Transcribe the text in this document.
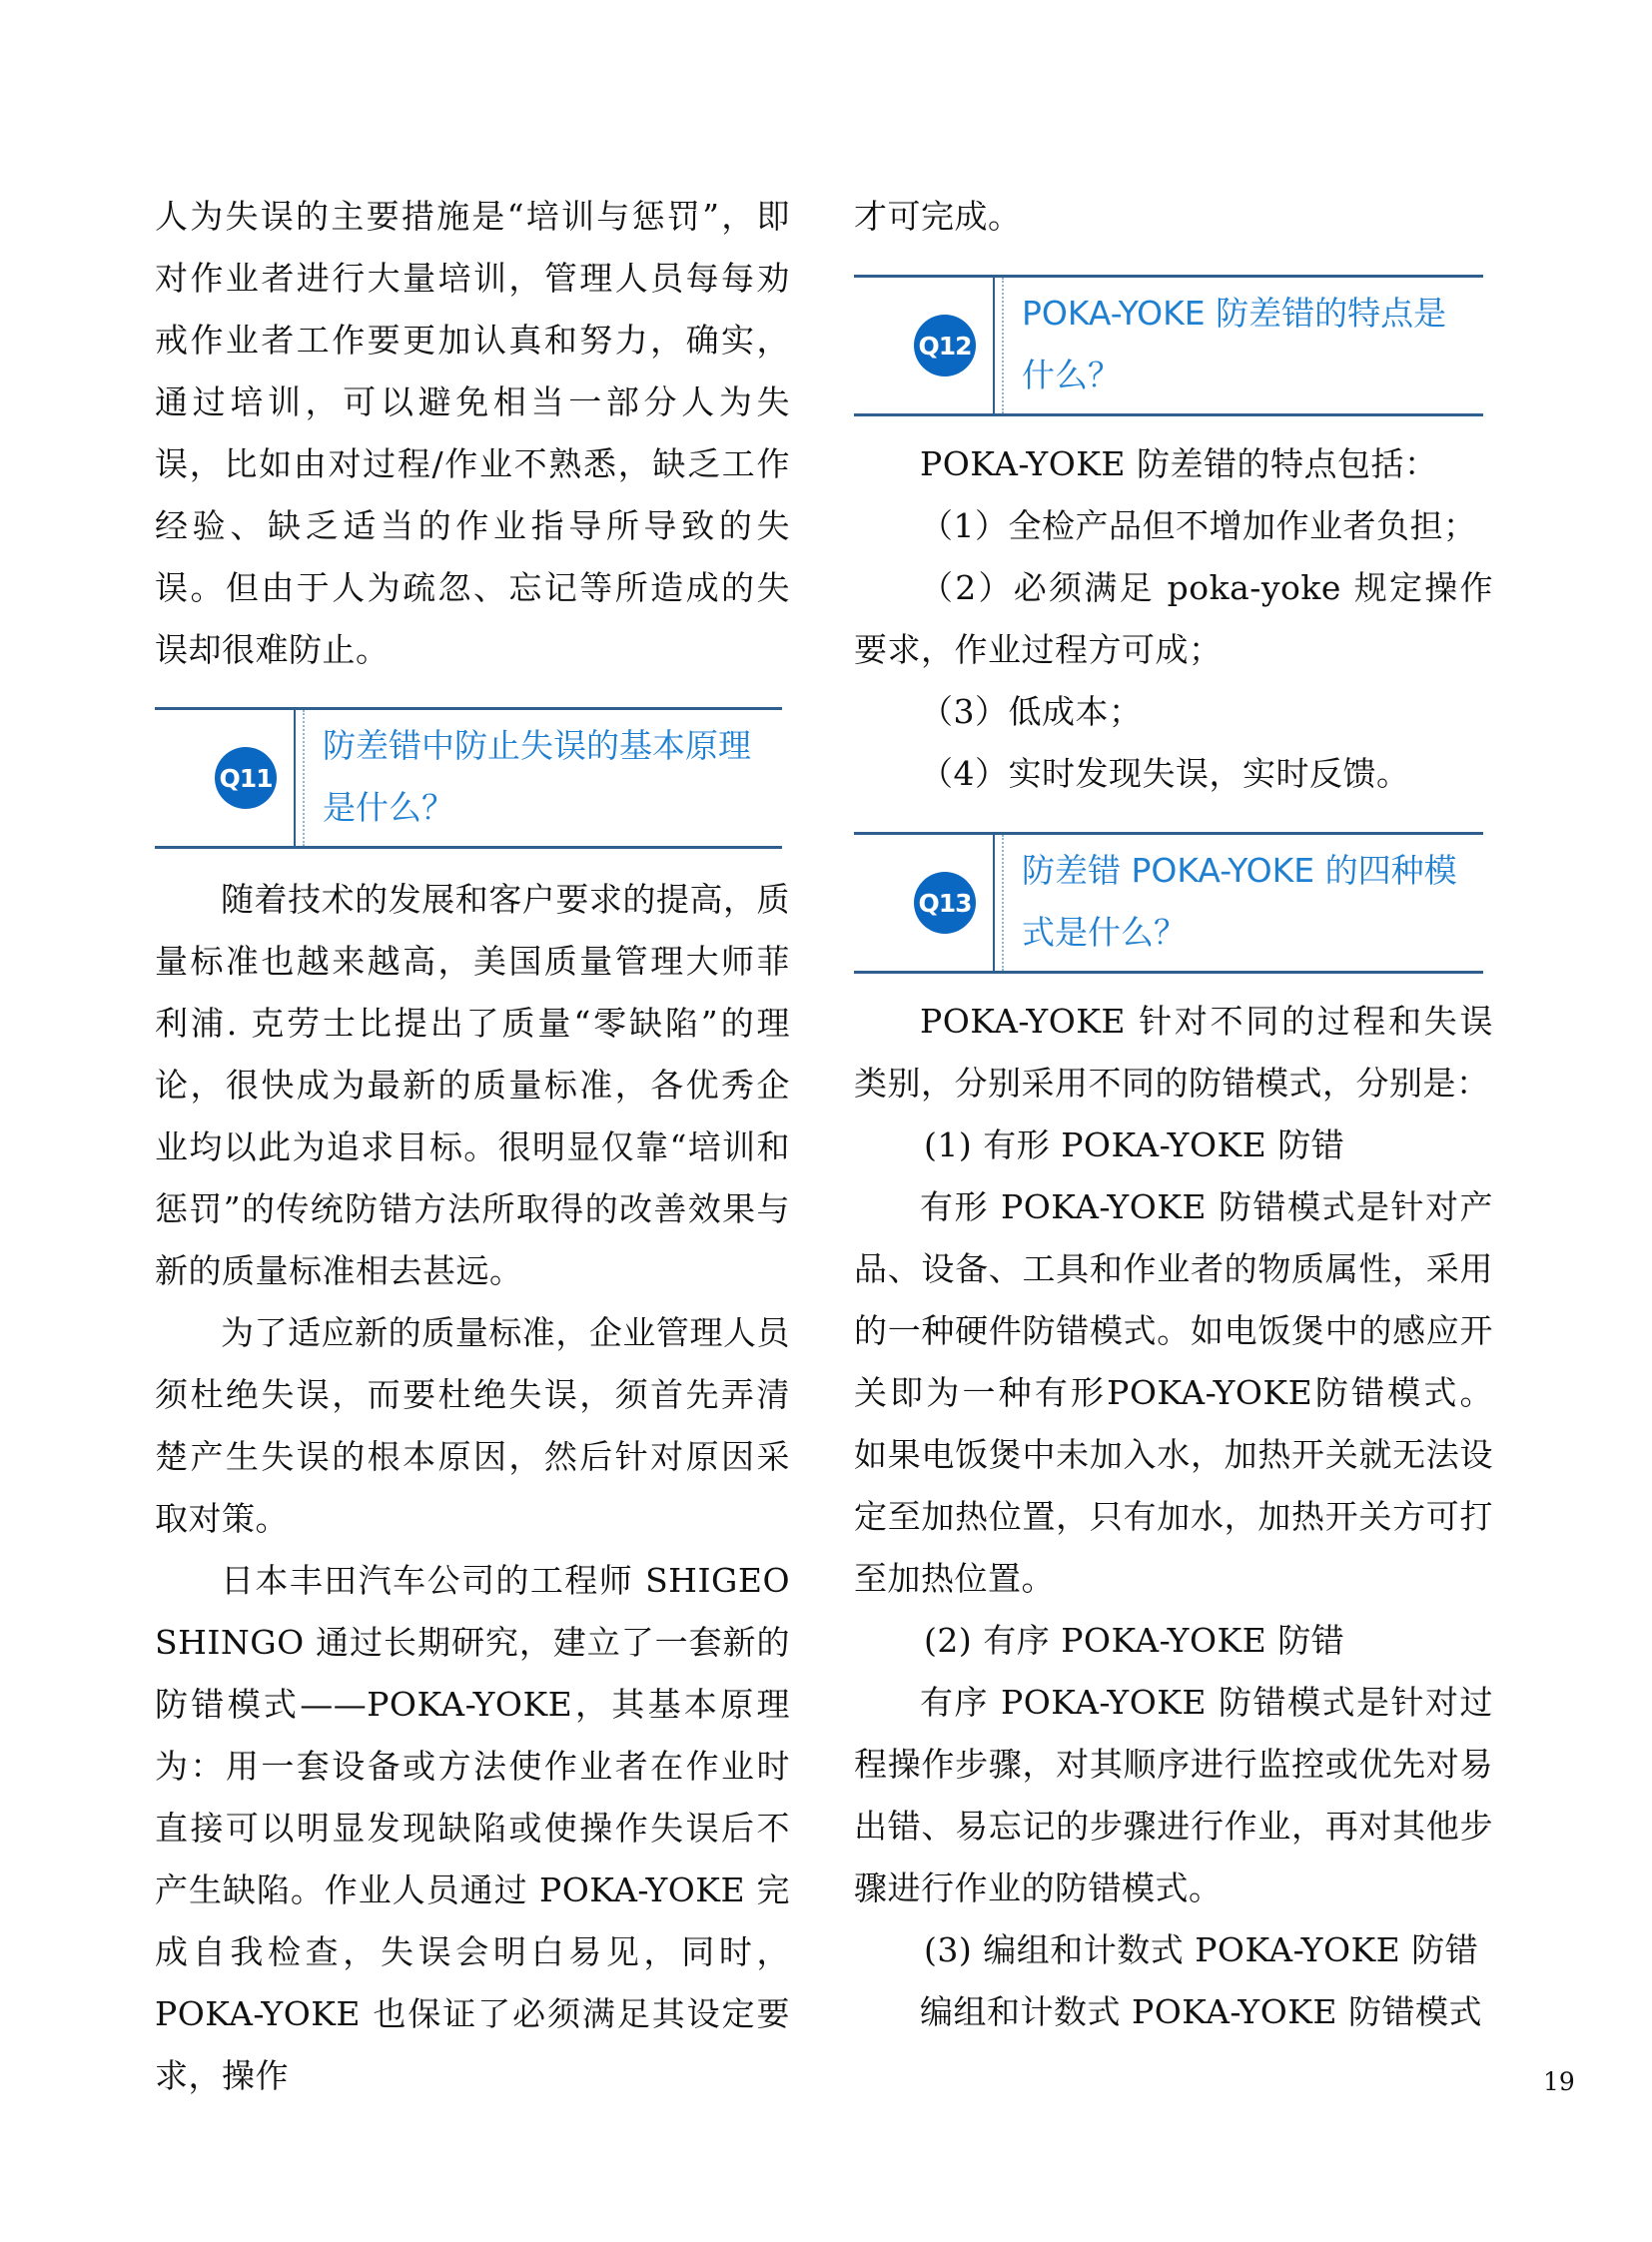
人为失误的主要措施是“培训与惩罚”，即对作业者进行大量培训，管理人员每每劝戒作业者工作要更加认真和努力，确实，通过培训，可以避免相当一部分人为失误，比如由对过程/作业不熟悉，缺乏工作经验、缺乏适当的作业指导所导致的失误。但由于人为疏忽、忘记等所造成的失误却很难防止。

Q11
防差错中防止失误的基本原理是什么？

随着技术的发展和客户要求的提高，质量标准也越来越高，美国质量管理大师菲利浦. 克劳士比提出了质量“零缺陷”的理论，很快成为最新的质量标准，各优秀企业均以此为追求目标。很明显仅靠“培训和惩罚”的传统防错方法所取得的改善效果与新的质量标准相去甚远。

为了适应新的质量标准，企业管理人员须杜绝失误，而要杜绝失误，须首先弄清楚产生失误的根本原因，然后针对原因采取对策。

日本丰田汽车公司的工程师 SHIGEO SHINGO 通过长期研究，建立了一套新的防错模式——POKA-YOKE，其基本原理为：用一套设备或方法使作业者在作业时直接可以明显发现缺陷或使操作失误后不产生缺陷。作业人员通过 POKA-YOKE 完成自我检查，失误会明白易见，同时，POKA-YOKE 也保证了必须满足其设定要求，操作

才可完成。

Q12
POKA-YOKE 防差错的特点是什么？

POKA-YOKE 防差错的特点包括：

（1）全检产品但不增加作业者负担；

（2）必须满足 poka-yoke 规定操作要求，作业过程方可成；

（3）低成本；

（4）实时发现失误，实时反馈。

Q13
防差错 POKA-YOKE 的四种模式是什么？

POKA-YOKE 针对不同的过程和失误类别，分别采用不同的防错模式，分别是：

(1) 有形 POKA-YOKE 防错

有形 POKA-YOKE 防错模式是针对产品、设备、工具和作业者的物质属性，采用的一种硬件防错模式。如电饭煲中的感应开关即为一种有形POKA-YOKE防错模式。如果电饭煲中未加入水，加热开关就无法设定至加热位置，只有加水，加热开关方可打至加热位置。

(2) 有序 POKA-YOKE 防错

有序 POKA-YOKE 防错模式是针对过程操作步骤，对其顺序进行监控或优先对易出错、易忘记的步骤进行作业，再对其他步骤进行作业的防错模式。

(3) 编组和计数式 POKA-YOKE 防错

编组和计数式 POKA-YOKE 防错模式

19
